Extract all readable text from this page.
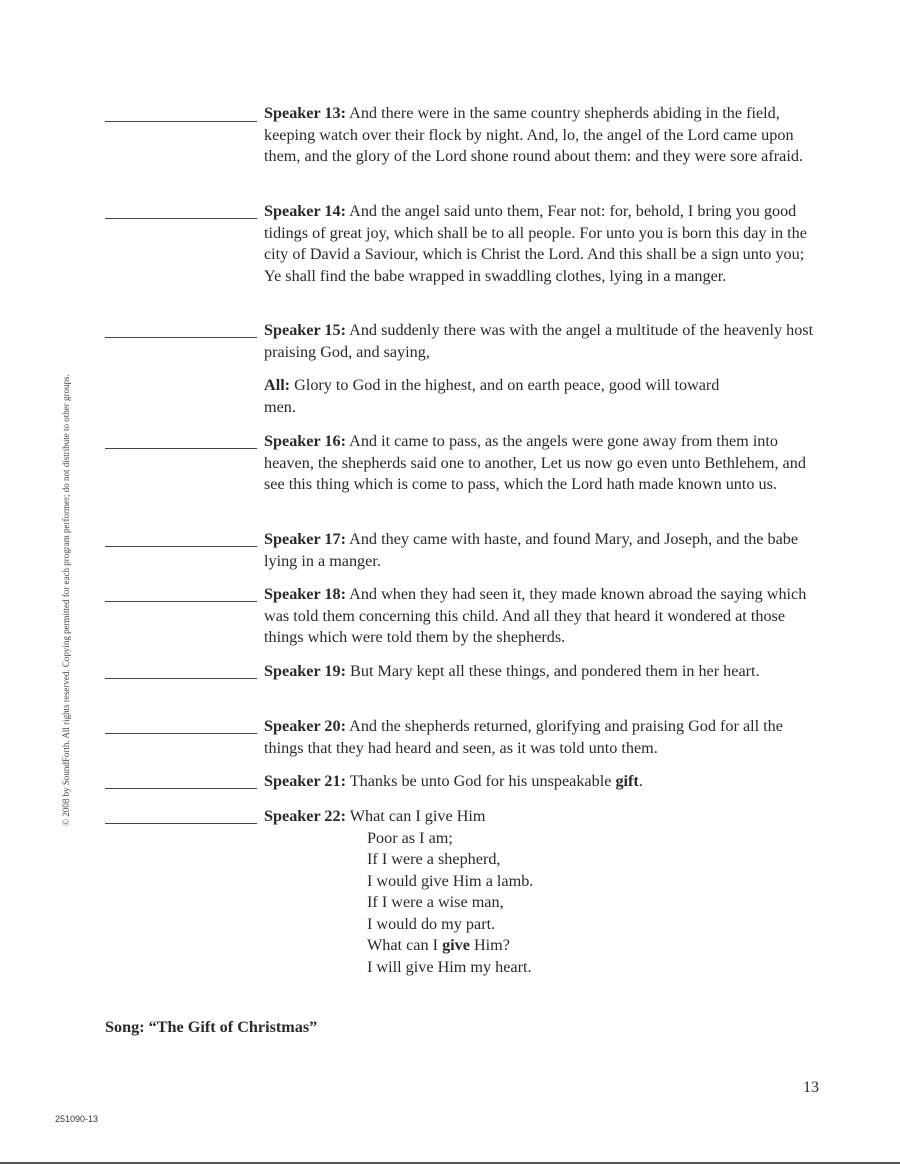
© 2008 by SoundForth. All rights reserved. Copying permitted for each program performer; do not distribute to other groups.
Speaker 13: And there were in the same country shepherds abiding in the field, keeping watch over their flock by night. And, lo, the angel of the Lord came upon them, and the glory of the Lord shone round about them: and they were sore afraid.
Speaker 14: And the angel said unto them, Fear not: for, behold, I bring you good tidings of great joy, which shall be to all people. For unto you is born this day in the city of David a Saviour, which is Christ the Lord. And this shall be a sign unto you; Ye shall find the babe wrapped in swaddling clothes, lying in a manger.
Speaker 15: And suddenly there was with the angel a multitude of the heavenly host praising God, and saying,
All: Glory to God in the highest, and on earth peace, good will toward men.
Speaker 16: And it came to pass, as the angels were gone away from them into heaven, the shepherds said one to another, Let us now go even unto Bethlehem, and see this thing which is come to pass, which the Lord hath made known unto us.
Speaker 17: And they came with haste, and found Mary, and Joseph, and the babe lying in a manger.
Speaker 18: And when they had seen it, they made known abroad the saying which was told them concerning this child. And all they that heard it wondered at those things which were told them by the shepherds.
Speaker 19: But Mary kept all these things, and pondered them in her heart.
Speaker 20: And the shepherds returned, glorifying and praising God for all the things that they had heard and seen, as it was told unto them.
Speaker 21: Thanks be unto God for his unspeakable gift.
Speaker 22: What can I give Him
Poor as I am;
If I were a shepherd,
I would give Him a lamb.
If I were a wise man,
I would do my part.
What can I give Him?
I will give Him my heart.
Song: “The Gift of Christmas”
13
251090-13
